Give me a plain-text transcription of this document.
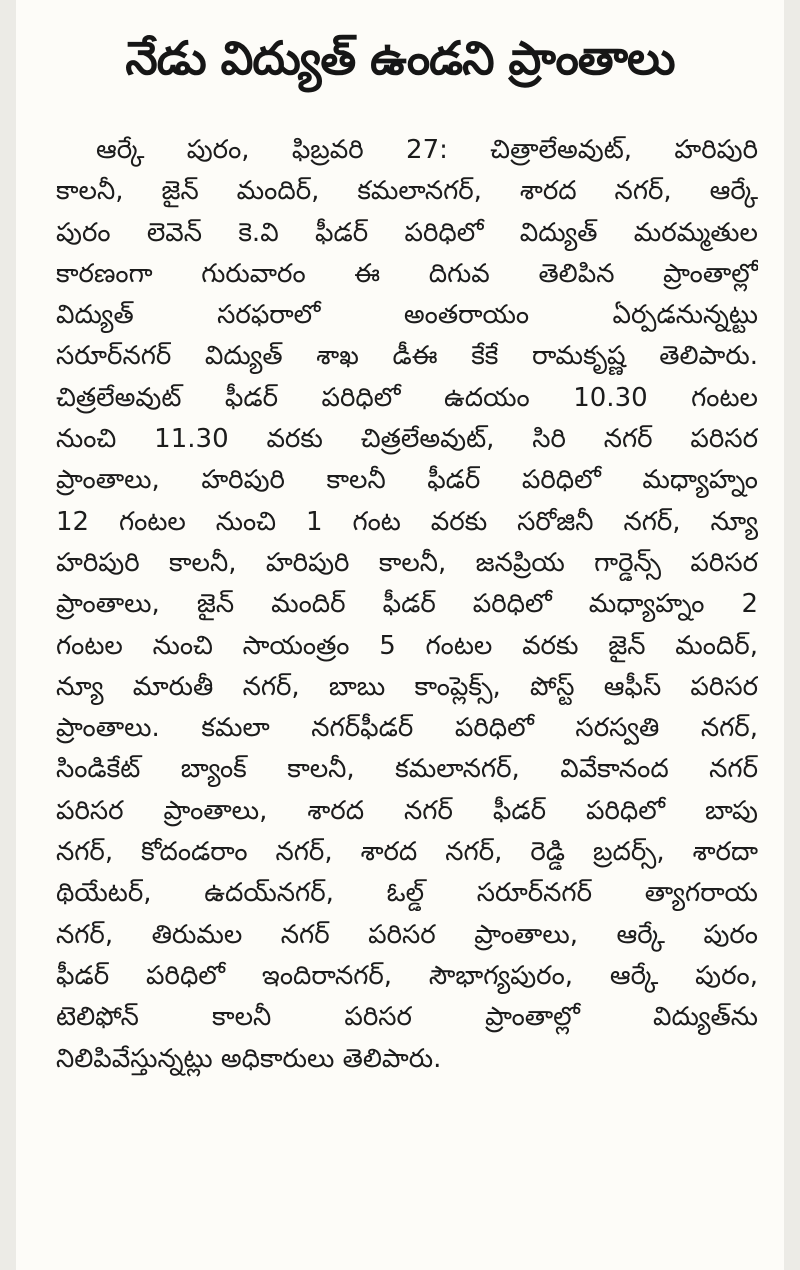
నేడు విద్యుత్ ఉండని ప్రాంతాలు
ఆర్కే పురం, ఫిబ్రవరి 27: చిత్రాలేఅవుట్, హరిపురి
కాలనీ, జైన్ మందిర్, కమలానగర్, శారద నగర్, ఆర్కే
పురం లెవెన్ కె.వి ఫీడర్ పరిధిలో విద్యుత్ మరమ్మతుల
కారణంగా గురువారం ఈ దిగువ తెలిపిన ప్రాంతాల్లో
విద్యుత్ సరఫరాలో అంతరాయం ఏర్పడనున్నట్టు
సరూర్‌నగర్ విద్యుత్ శాఖ డీఈ కేకే రామకృష్ణ తెలిపారు.
చిత్రలేఅవుట్ ఫీడర్ పరిధిలో ఉదయం 10.30 గంటల
నుంచి 11.30 వరకు చిత్రలేఅవుట్, సిరి నగర్ పరిసర
ప్రాంతాలు, హరిపురి కాలనీ ఫీడర్ పరిధిలో మధ్యాహ్నం
12 గంటల నుంచి 1 గంట వరకు సరోజినీ నగర్, న్యూ
హరిపురి కాలనీ, హరిపురి కాలనీ, జనప్రియ గార్డెన్స్ పరిసర
ప్రాంతాలు, జైన్ మందిర్ ఫీడర్ పరిధిలో మధ్యాహ్నం 2
గంటల నుంచి సాయంత్రం 5 గంటల వరకు జైన్ మందిర్,
న్యూ మారుతీ నగర్, బాబు కాంప్లెక్స్, పోస్ట్ ఆఫీస్ పరిసర
ప్రాంతాలు. కమలా నగర్‌ఫీడర్ పరిధిలో సరస్వతి నగర్,
సిండికేట్ బ్యాంక్ కాలనీ, కమలానగర్, వివేకానంద నగర్
పరిసర ప్రాంతాలు, శారద నగర్ ఫీడర్ పరిధిలో బాపు
నగర్, కోదండరాం నగర్, శారద నగర్, రెడ్డి బ్రదర్స్, శారదా
థియేటర్, ఉదయ్‌నగర్, ఓల్డ్ సరూర్‌నగర్ త్యాగరాయ
నగర్, తిరుమల నగర్ పరిసర ప్రాంతాలు, ఆర్కే పురం
ఫీడర్ పరిధిలో ఇందిరానగర్, సౌభాగ్యపురం, ఆర్కే పురం,
టెలిఫోన్ కాలనీ పరిసర ప్రాంతాల్లో విద్యుత్‌ను
నిలిపివేస్తున్నట్లు అధికారులు తెలిపారు.
